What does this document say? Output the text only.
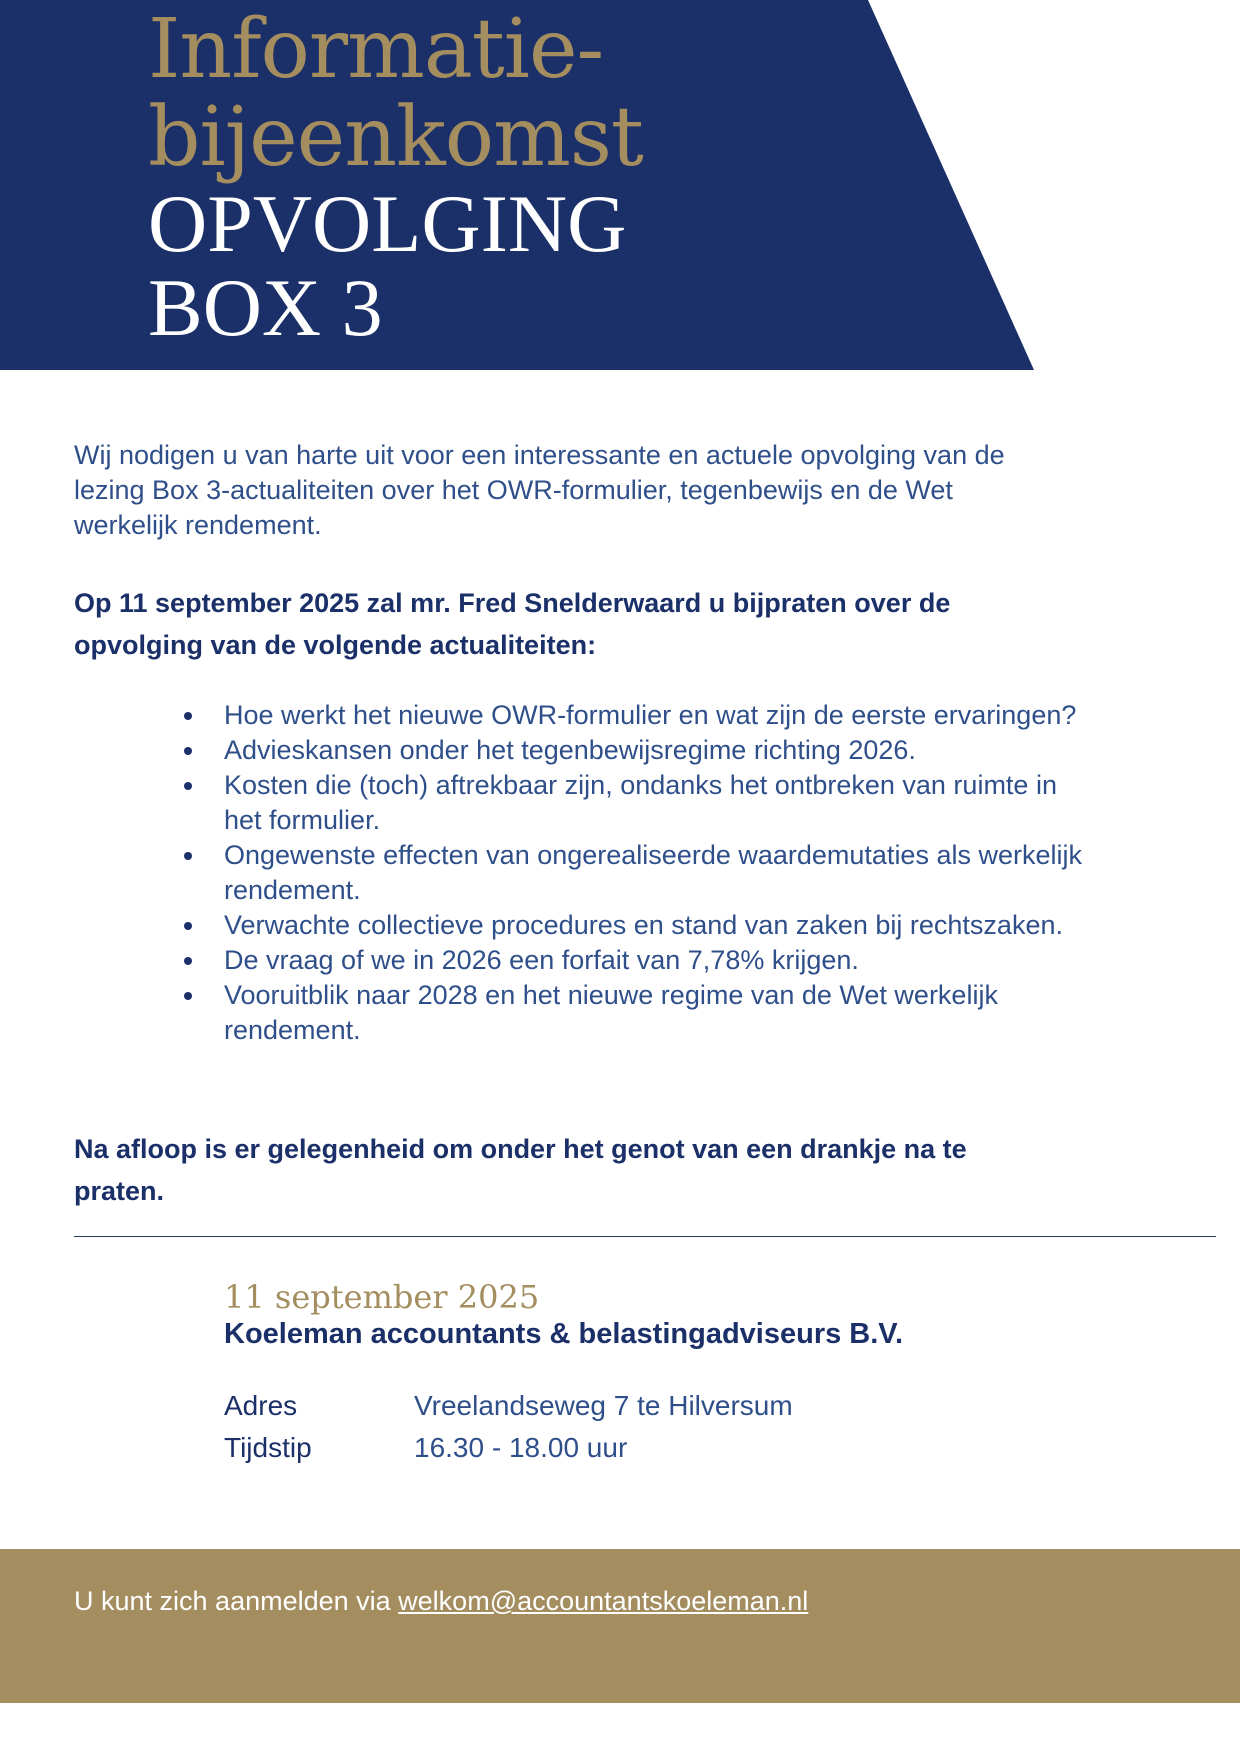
Informatie-

bijeenkomst

OPVOLGING

BOX 3

Wij nodigen u van harte uit voor een interessante en actuele opvolging van de lezing Box 3-actualiteiten over het OWR-formulier, tegenbewijs en de Wet werkelijk rendement.

Op 11 september 2025 zal mr. Fred Snelderwaard u bijpraten over de opvolging van de volgende actualiteiten:

Hoe werkt het nieuwe OWR-formulier en wat zijn de eerste ervaringen?
Advieskansen onder het tegenbewijsregime richting 2026.
Kosten die (toch) aftrekbaar zijn, ondanks het ontbreken van ruimte in het formulier.
Ongewenste effecten van ongerealiseerde waardemutaties als werkelijk rendement.
Verwachte collectieve procedures en stand van zaken bij rechtszaken.
De vraag of we in 2026 een forfait van 7,78% krijgen.
Vooruitblik naar 2028 en het nieuwe regime van de Wet werkelijk rendement.

Na afloop is er gelegenheid om onder het genot van een drankje na te praten.

11 september 2025

Koeleman accountants & belastingadviseurs B.V.

Adres	Vreelandseweg 7 te Hilversum
Tijdstip	16.30 - 18.00 uur

U kunt zich aanmelden via welkom@accountantskoeleman.nl
